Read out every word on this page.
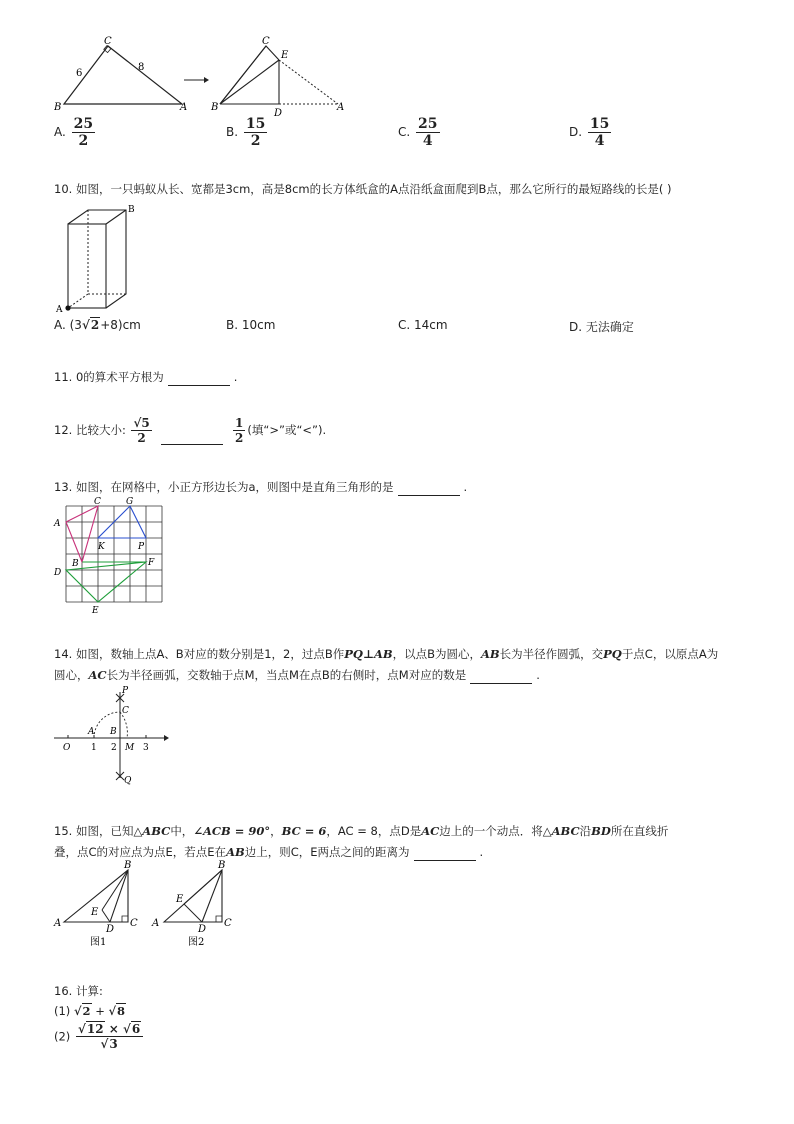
C
B	A
6
8
C
E
B
D
A
A. $\frac{25}{2}$	B. $\frac{15}{2}$	C. $\frac{25}{4}$	D. $\frac{15}{4}$
10. 如图，一只蚂蚁从长、宽都是3cm，高是8cm的长方体纸盒的A点沿纸盒面爬到B点，那么它所行的最短路线的长是( )
A
B
A. (3√2+8)cm	B. 10cm	C. 14cm	D. 无法确定
11. 0的算术平方根为	.
12. 比较大小: $\frac{√5}{2}$
	$\frac{1}{2}$ (填“>”或“<”).
13. 如图，在网格中，小正方形边长为a，则图中是直角三角形的是	.
A
C	G
K	P
B
D
F
E
14. 如图，数轴上点A、B对应的数分别是1，2，过点B作PQ⊥AB，以点B为圆心，AB长为半径作圆弧，交PQ于点C，以原点A为
圆心，AC长为半径画弧，交数轴于点M，当点M在点B的右侧时，点M对应的数是	.
P
C
A B
O 1 2 M 3
Q
15. 如图，已知△ABC中，∠ACB = 90°，BC = 6，AC = 8，点D是AC边上的一个动点．将△ABC沿BD所在直线折
叠，点C的对应点为点E，若点E在AB边上，则C，E两点之间的距离为	.
B
A
E
D
C
图1
B
A
E
D
C
图2
16. 计算:
(1) √2 + √8
$(2) \frac{√12 \times √6}{√3}$
